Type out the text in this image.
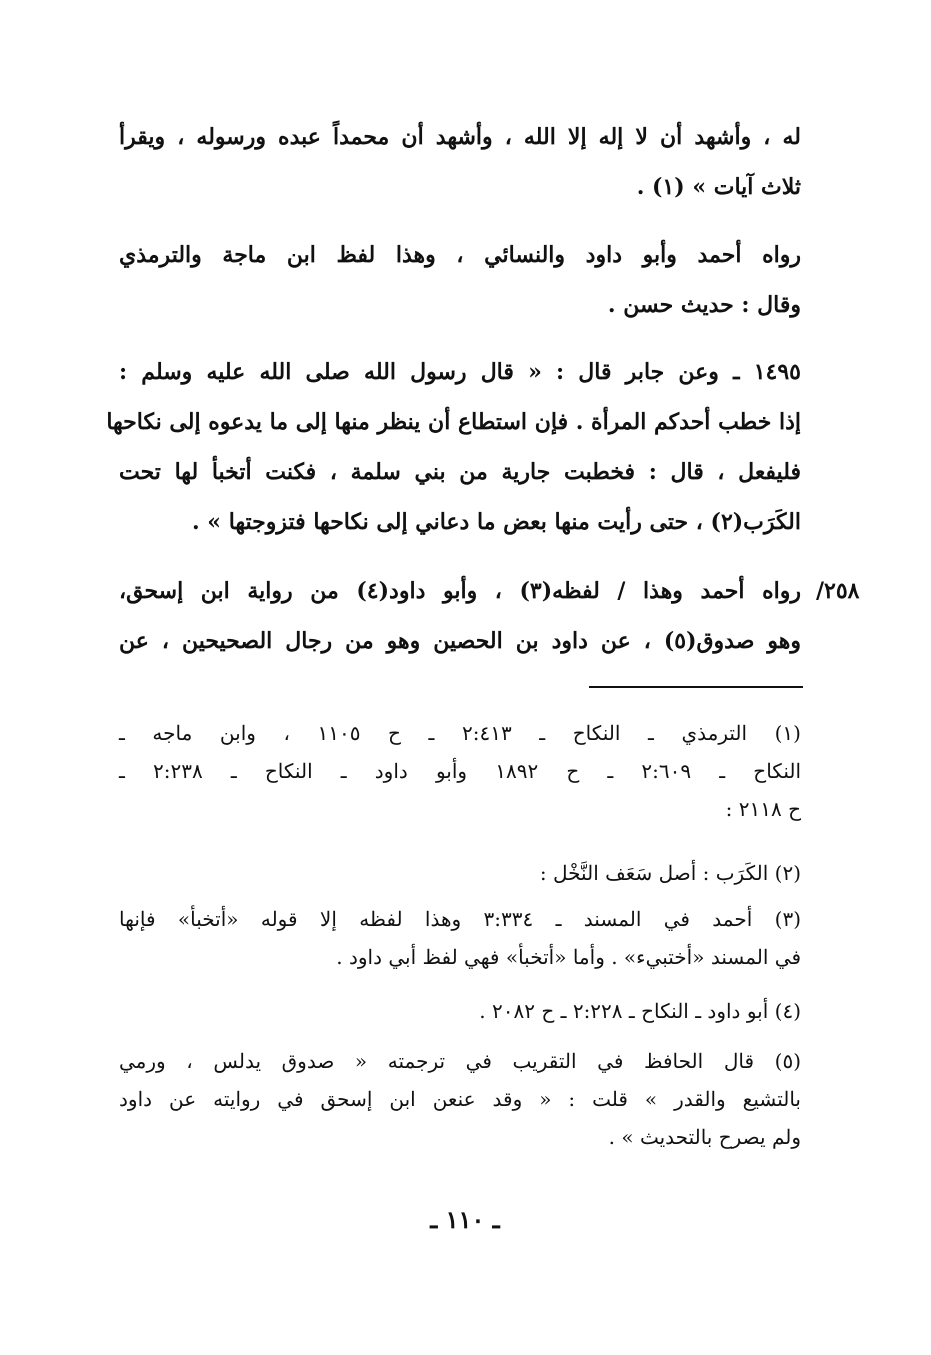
له ، وأشهد أن لا إله إلا الله ، وأشهد أن محمداً عبده ورسوله ، ويقرأ
ثلاث آيات » (١) .
رواه أحمد وأبو داود والنسائي ، وهذا لفظ ابن ماجة والترمذي
وقال : حديث حسن .
١٤٩٥ ـ وعن جابر قال : « قال رسول الله صلى الله عليه وسلم :
إذا خطب أحدكم المرأة . فإن استطاع أن ينظر منها إلى ما يدعوه إلى نكاحها
فليفعل ، قال : فخطبت جارية من بني سلمة ، فكنت أتخبأ لها تحت
الكَرَب(٢) ، حتى رأيت منها بعض ما دعاني إلى نكاحها فتزوجتها » .
رواه أحمد وهذا / لفظه(٣) ، وأبو داود(٤) من رواية ابن إسحق،
وهو صدوق(٥) ، عن داود بن الحصين وهو من رجال الصحيحين ، عن
٢٥٨/
(١) الترمذي ـ النكاح ـ ٢:٤١٣ ـ ح ١١٠٥ ، وابن ماجه ـ
النكاح ـ ٢:٦٠٩ ـ ح ١٨٩٢ وأبو داود ـ النكاح ـ ٢:٢٣٨ ـ
ح ٢١١٨ :
(٢) الكَرَب : أصل سَعَف النَّخْل :
(٣) أحمد في المسند ـ ٣:٣٣٤ وهذا لفظه إلا قوله «أتخبأ» فإنها
في المسند «أختبيء» . وأما «أتخبأ» فهي لفظ أبي داود .
(٤) أبو داود ـ النكاح ـ ٢:٢٢٨ ـ ح ٢٠٨٢ .
(٥) قال الحافظ في التقريب في ترجمته « صدوق يدلس ، ورمي
بالتشيع والقدر » قلت : « وقد عنعن ابن إسحق في روايته عن داود
ولم يصرح بالتحديث » .
ـ ١١٠ ـ
